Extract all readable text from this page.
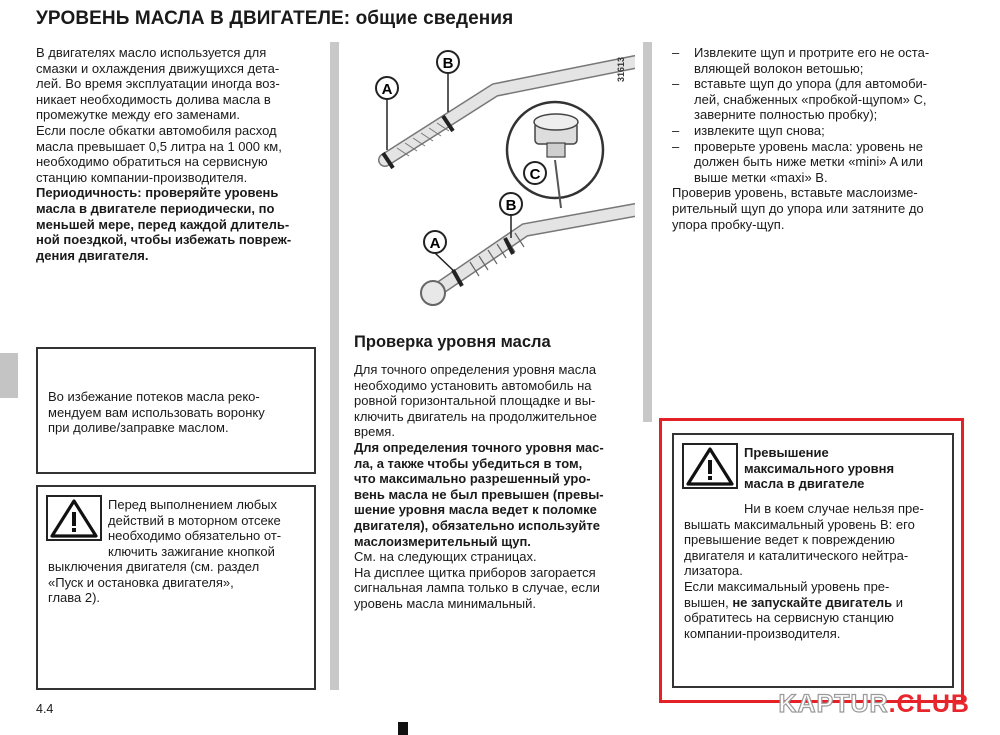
УРОВЕНЬ МАСЛА В ДВИГАТЕЛЕ: общие сведения

В двигателях масло используется для

смазки и охлаждения движущихся дета-

лей. Во время эксплуатации иногда воз-

никает необходимость долива масла в

промежутке между его заменами.

Если после обкатки автомобиля расход

масла превышает 0,5 литра на 1 000 км,

необходимо обратиться на сервисную

станцию компании-производителя.

Периодичность: проверяйте уровень

масла в двигателе периодически, по

меньшей мере, перед каждой длитель-

ной поездкой, чтобы избежать повреж-

дения двигателя.

Во избежание потеков масла реко-

мендуем вам использовать воронку

при доливе/заправке маслом.

Перед выполнением любых

действий в моторном отсеке

необходимо обязательно от-

ключить зажигание кнопкой

выключения двигателя (см. раздел

«Пуск и остановка двигателя»,

глава 2).

B
A
C
B
A
31613
Проверка уровня масла

Для точного определения уровня масла

необходимо установить автомобиль на

ровной горизонтальной площадке и вы-

ключить двигатель на продолжительное

время.

Для определения точного уровня мас-

ла, а также чтобы убедиться в том,

что максимально разрешенный уро-

вень масла не был превышен (превы-

шение уровня масла ведет к поломке

двигателя), обязательно используйте

маслоизмерительный щуп.

См. на следующих страницах.

На дисплее щитка приборов загорается

сигнальная лампа только в случае, если

уровень масла минимальный.

– Извлеките щуп и протрите его не оста-

вляющей волокон ветошью;

– вставьте щуп до упора (для автомоби-

лей, снабженных «пробкой-щупом» C,

заверните полностью пробку);

– извлеките щуп снова;

– проверьте уровень масла: уровень не

должен быть ниже метки «mini» A или

выше метки «maxi» B.

Проверив уровень, вставьте маслоизме-

рительный щуп до упора или затяните до

упора пробку-щуп.

Превышение
максимального уровня
масла в двигателе

Ни в коем случае нельзя пре-

вышать максимальный уровень B: его

превышение ведет к повреждению

двигателя и каталитического нейтра-

лизатора.

Если максимальный уровень пре-

вышен, не запускайте двигатель и

обратитесь на сервисную станцию

компании-производителя.

4.4	KAPTUR.CLUB
